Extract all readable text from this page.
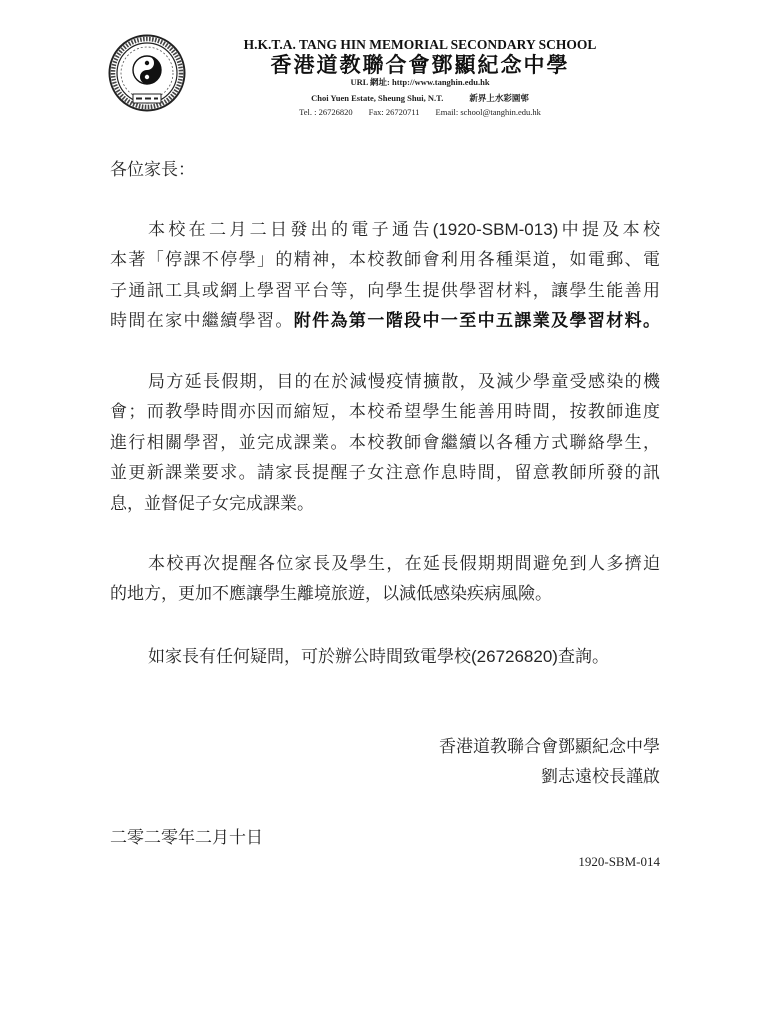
H.K.T.A. TANG HIN MEMORIAL SECONDARY SCHOOL
香港道教聯合會鄧顯紀念中學
URL 網址: http://www.tanghin.edu.hk
Choi Yuen Estate, Sheung Shui, N.T.	新界上水彩園邨
Tel. : 26726820 Fax: 26720711 Email: school@tanghin.edu.hk
各位家長：
本校在二月二日發出的電子通告(1920-SBM-013)中提及本校
本著「停課不停學」的精神，本校教師會利用各種渠道，如電郵、電
子通訊工具或網上學習平台等，向學生提供學習材料，讓學生能善用
時間在家中繼續學習。附件為第一階段中一至中五課業及學習材料。
局方延長假期，目的在於減慢疫情擴散，及減少學童受感染的機
會；而教學時間亦因而縮短，本校希望學生能善用時間，按教師進度
進行相關學習，並完成課業。本校教師會繼續以各種方式聯絡學生，
並更新課業要求。請家長提醒子女注意作息時間，留意教師所發的訊
息，並督促子女完成課業。
本校再次提醒各位家長及學生，在延長假期期間避免到人多擠迫
的地方，更加不應讓學生離境旅遊，以減低感染疾病風險。
如家長有任何疑問，可於辦公時間致電學校(26726820)查詢。
香港道教聯合會鄧顯紀念中學
劉志遠校長謹啟
二零二零年二月十日
1920-SBM-014
